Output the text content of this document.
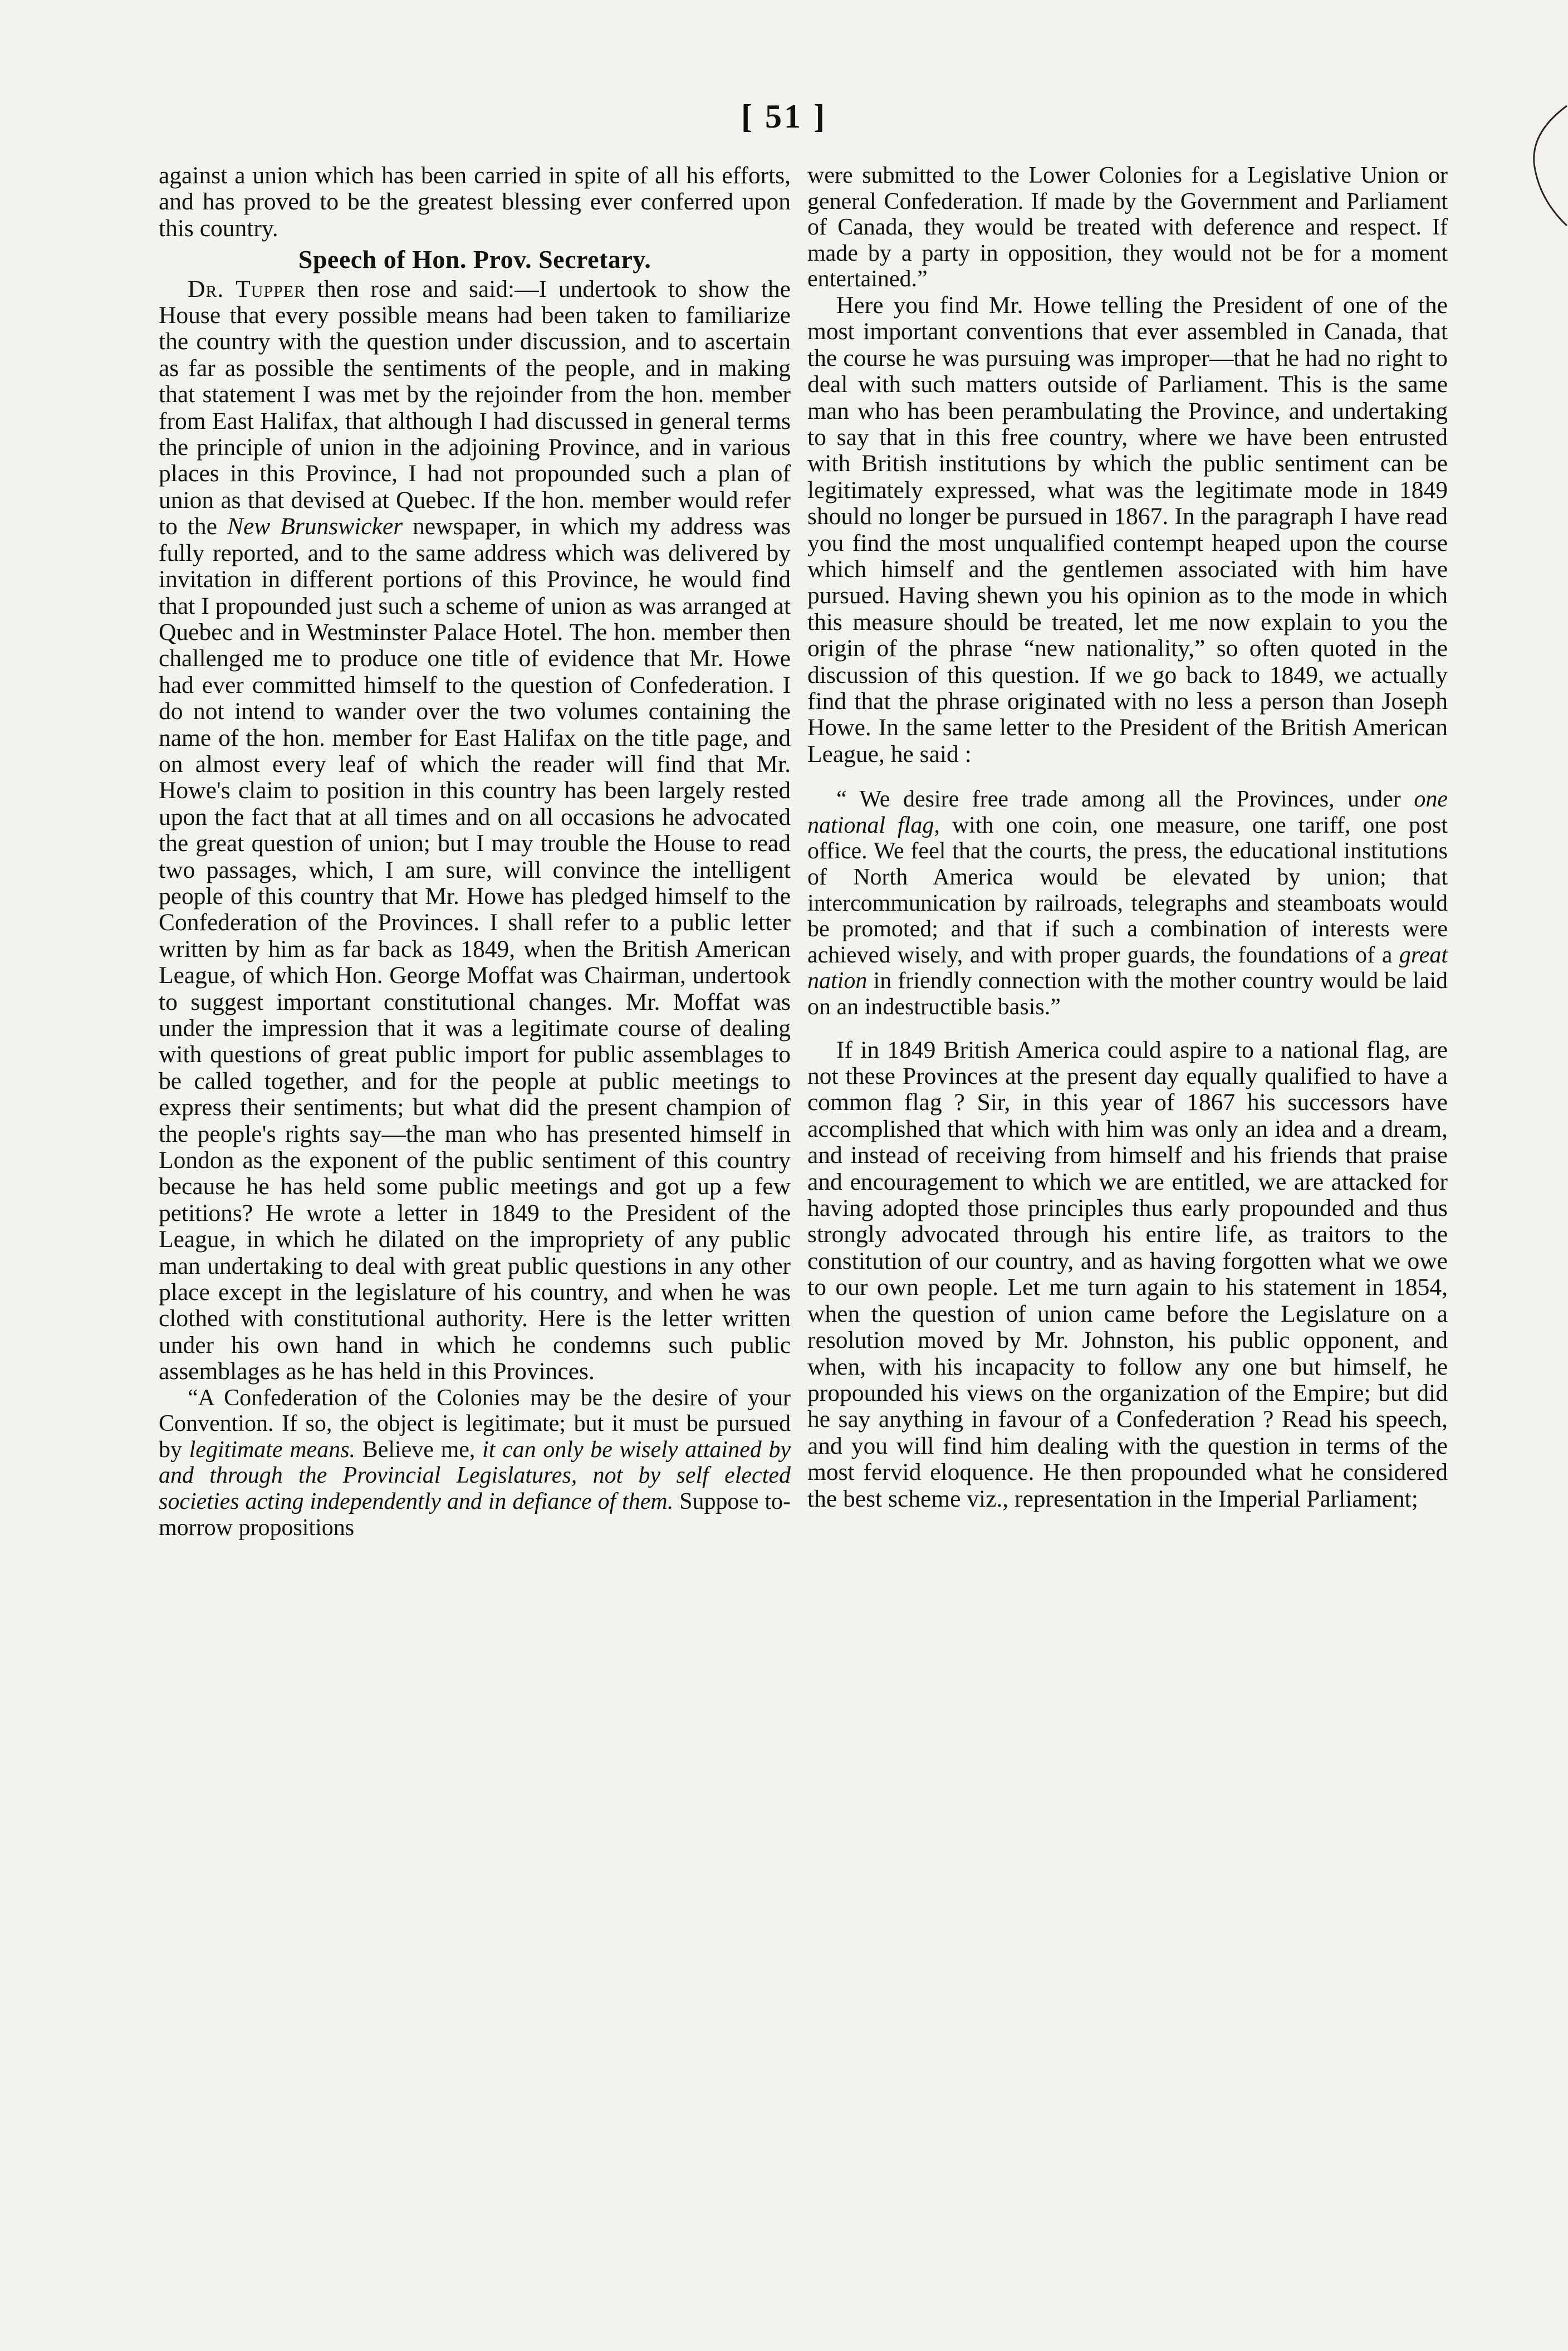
[ 51 ]

against a union which has been carried in spite of all his efforts, and has proved to be the greatest blessing ever conferred upon this country.

Speech of Hon. Prov. Secretary.

Dr. Tupper then rose and said:—I undertook to show the House that every possible means had been taken to familiarize the country with the question under discussion, and to ascertain as far as possible the sentiments of the people, and in making that statement I was met by the rejoinder from the hon. member from East Halifax, that although I had discussed in general terms the principle of union in the adjoining Province, and in various places in this Province, I had not propounded such a plan of union as that devised at Quebec. If the hon. member would refer to the New Brunswicker newspaper, in which my address was fully reported, and to the same address which was delivered by invitation in different portions of this Province, he would find that I propounded just such a scheme of union as was arranged at Quebec and in Westminster Palace Hotel. The hon. member then challenged me to produce one title of evidence that Mr. Howe had ever committed himself to the question of Confederation. I do not intend to wander over the two volumes containing the name of the hon. member for East Halifax on the title page, and on almost every leaf of which the reader will find that Mr. Howe's claim to position in this country has been largely rested upon the fact that at all times and on all occasions he advocated the great question of union; but I may trouble the House to read two passages, which, I am sure, will convince the intelligent people of this country that Mr. Howe has pledged himself to the Confederation of the Provinces. I shall refer to a public letter written by him as far back as 1849, when the British American League, of which Hon. George Moffat was Chairman, undertook to suggest important constitutional changes. Mr. Moffat was under the impression that it was a legitimate course of dealing with questions of great public import for public assemblages to be called together, and for the people at public meetings to express their sentiments; but what did the present champion of the people's rights say—the man who has presented himself in London as the exponent of the public sentiment of this country because he has held some public meetings and got up a few petitions? He wrote a letter in 1849 to the President of the League, in which he dilated on the impropriety of any public man undertaking to deal with great public questions in any other place except in the legislature of his country, and when he was clothed with constitutional authority. Here is the letter written under his own hand in which he condemns such public assemblages as he has held in this Provinces.

“A Confederation of the Colonies may be the desire of your Convention. If so, the object is legitimate; but it must be pursued by legitimate means. Believe me, it can only be wisely attained by and through the Provincial Legislatures, not by self elected societies acting independently and in defiance of them. Suppose to-morrow propositions

were submitted to the Lower Colonies for a Legislative Union or general Confederation. If made by the Government and Parliament of Canada, they would be treated with deference and respect. If made by a party in opposition, they would not be for a moment entertained.”

Here you find Mr. Howe telling the President of one of the most important conventions that ever assembled in Canada, that the course he was pursuing was improper—that he had no right to deal with such matters outside of Parliament. This is the same man who has been perambulating the Province, and undertaking to say that in this free country, where we have been entrusted with British institutions by which the public sentiment can be legitimately expressed, what was the legitimate mode in 1849 should no longer be pursued in 1867. In the paragraph I have read you find the most unqualified contempt heaped upon the course which himself and the gentlemen associated with him have pursued. Having shewn you his opinion as to the mode in which this measure should be treated, let me now explain to you the origin of the phrase “new nationality,” so often quoted in the discussion of this question. If we go back to 1849, we actually find that the phrase originated with no less a person than Joseph Howe. In the same letter to the President of the British American League, he said :

“ We desire free trade among all the Provinces, under one national flag, with one coin, one measure, one tariff, one post office. We feel that the courts, the press, the educational institutions of North America would be elevated by union; that intercommunication by railroads, telegraphs and steamboats would be promoted; and that if such a combination of interests were achieved wisely, and with proper guards, the foundations of a great nation in friendly connection with the mother country would be laid on an indestructible basis.”

If in 1849 British America could aspire to a national flag, are not these Provinces at the present day equally qualified to have a common flag ? Sir, in this year of 1867 his successors have accomplished that which with him was only an idea and a dream, and instead of receiving from himself and his friends that praise and encouragement to which we are entitled, we are attacked for having adopted those principles thus early propounded and thus strongly advocated through his entire life, as traitors to the constitution of our country, and as having forgotten what we owe to our own people. Let me turn again to his statement in 1854, when the question of union came before the Legislature on a resolution moved by Mr. Johnston, his public opponent, and when, with his incapacity to follow any one but himself, he propounded his views on the organization of the Empire; but did he say anything in favour of a Confederation ? Read his speech, and you will find him dealing with the question in terms of the most fervid eloquence. He then propounded what he considered the best scheme viz., representation in the Imperial Parliament;
